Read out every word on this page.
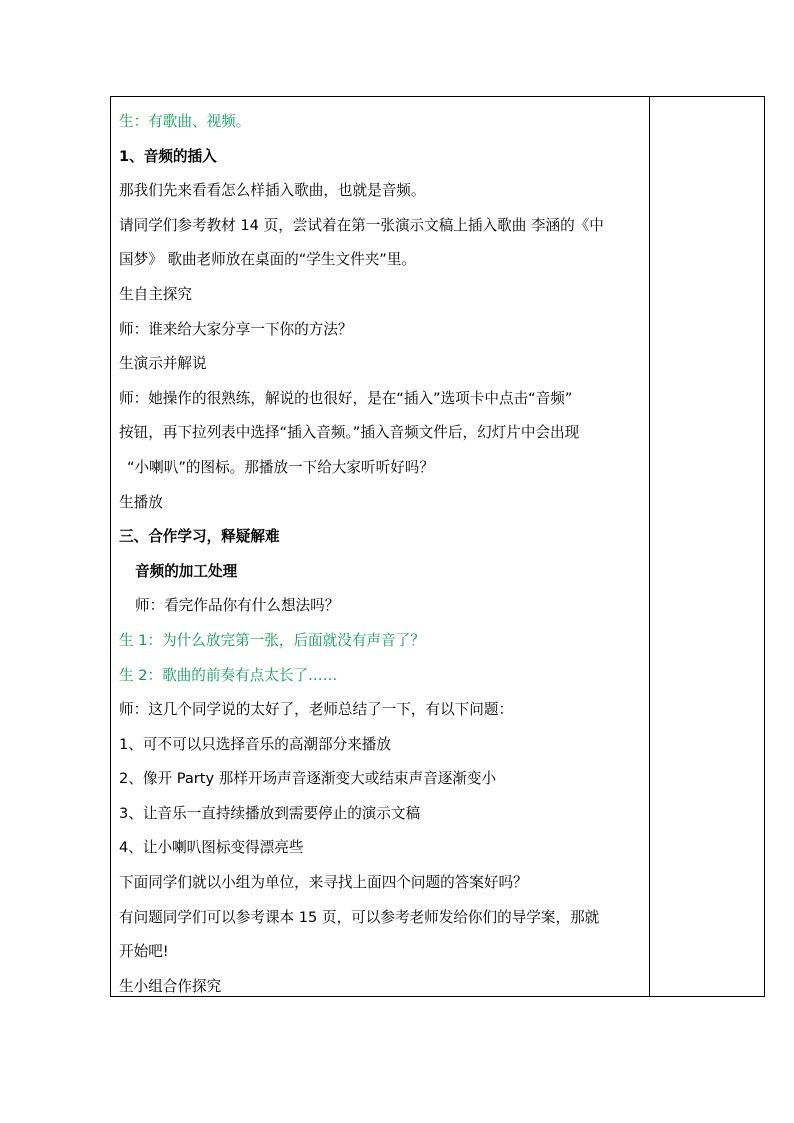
生：有歌曲、视频。
1、音频的插入
那我们先来看看怎么样插入歌曲，也就是音频。
请同学们参考教材 14 页，尝试着在第一张演示文稿上插入歌曲 李涵的《中
国梦》 歌曲老师放在桌面的“学生文件夹”里。
生自主探究
师：谁来给大家分享一下你的方法？
生演示并解说
师：她操作的很熟练，解说的也很好，是在“插入”选项卡中点击“音频”
按钮，再下拉列表中选择“插入音频。”插入音频文件后，幻灯片中会出现
“小喇叭”的图标。那播放一下给大家听听好吗？
生播放
三、合作学习，释疑解难
音频的加工处理
师：看完作品你有什么想法吗？
生 1：为什么放完第一张，后面就没有声音了？
生 2：歌曲的前奏有点太长了……
师：这几个同学说的太好了，老师总结了一下，有以下问题：
1、可不可以只选择音乐的高潮部分来播放
2、像开 Party 那样开场声音逐渐变大或结束声音逐渐变小
3、让音乐一直持续播放到需要停止的演示文稿
4、让小喇叭图标变得漂亮些
下面同学们就以小组为单位，来寻找上面四个问题的答案好吗？
有问题同学们可以参考课本 15 页，可以参考老师发给你们的导学案，那就
开始吧!
生小组合作探究
